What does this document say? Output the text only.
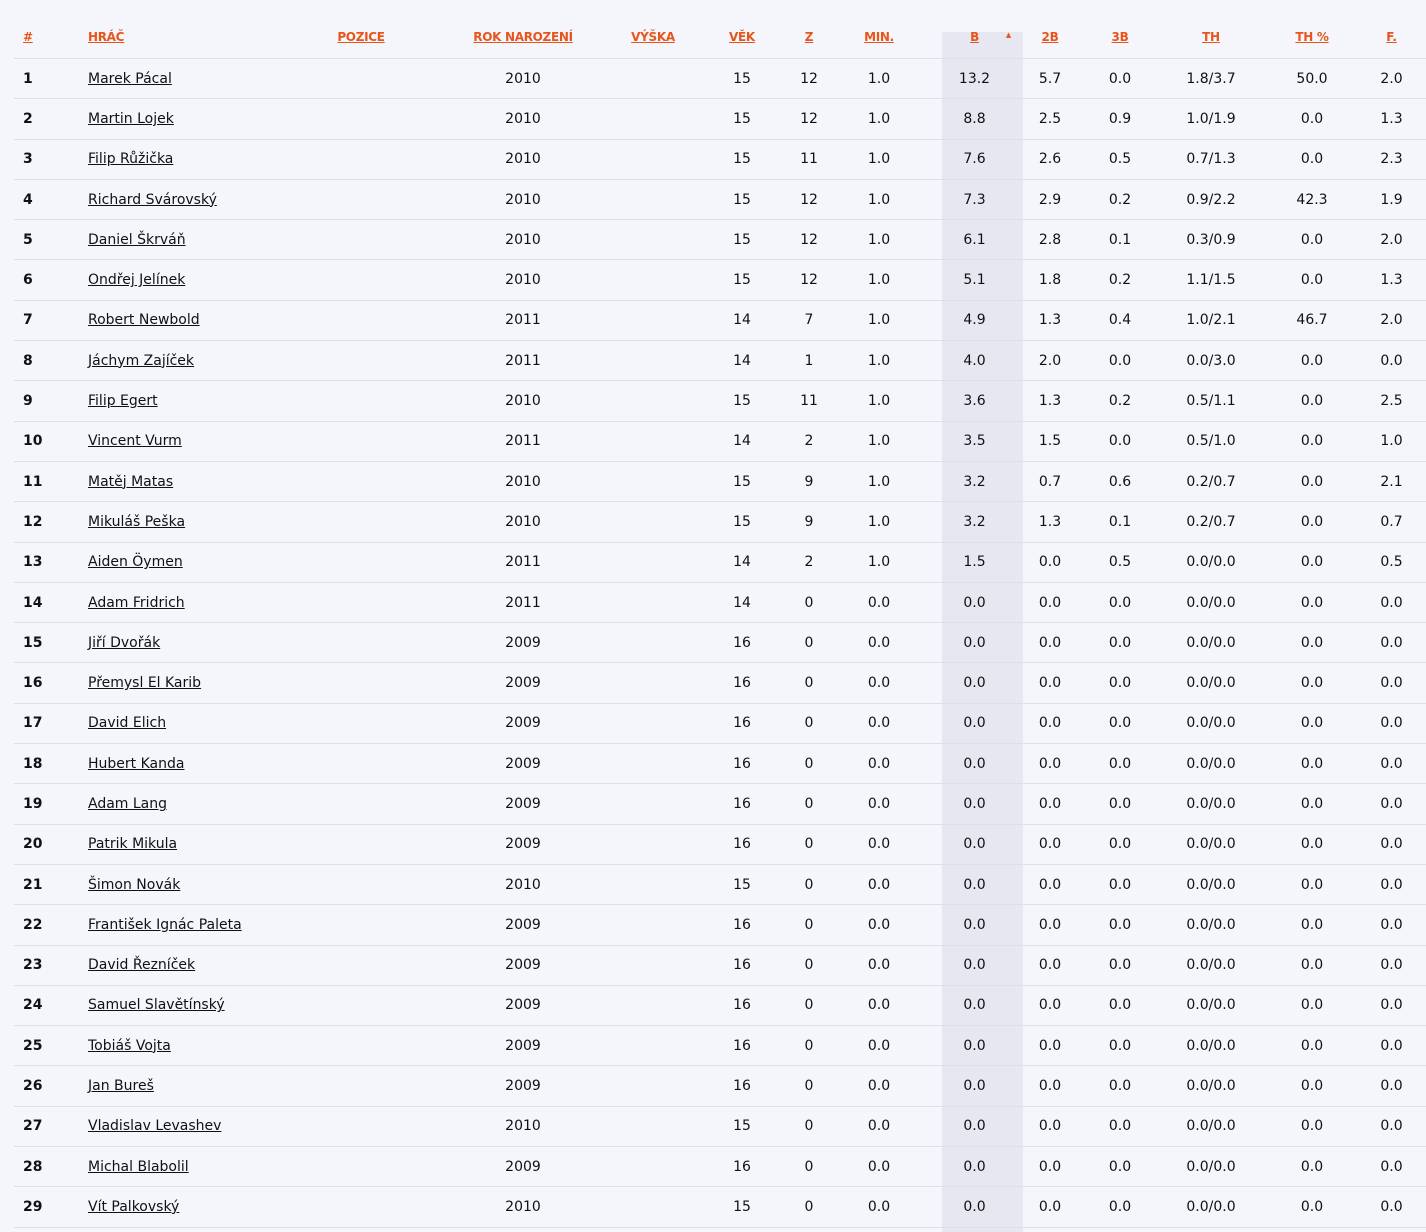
#	HRÁČ	POZICE	ROK NAROZENÍ	VÝŠKA	VĚK	Z	MIN.	B ▲	2B	3B	TH	TH %	F.
1	Marek Pácal		2010		15	12	1.0	13.2	5.7	0.0	1.8/3.7	50.0	2.0
2	Martin Lojek		2010		15	12	1.0	8.8	2.5	0.9	1.0/1.9	0.0	1.3
3	Filip Růžička		2010		15	11	1.0	7.6	2.6	0.5	0.7/1.3	0.0	2.3
4	Richard Svárovský		2010		15	12	1.0	7.3	2.9	0.2	0.9/2.2	42.3	1.9
5	Daniel Škrváň		2010		15	12	1.0	6.1	2.8	0.1	0.3/0.9	0.0	2.0
6	Ondřej Jelínek		2010		15	12	1.0	5.1	1.8	0.2	1.1/1.5	0.0	1.3
7	Robert Newbold		2011		14	7	1.0	4.9	1.3	0.4	1.0/2.1	46.7	2.0
8	Jáchym Zajíček		2011		14	1	1.0	4.0	2.0	0.0	0.0/3.0	0.0	0.0
9	Filip Egert		2010		15	11	1.0	3.6	1.3	0.2	0.5/1.1	0.0	2.5
10	Vincent Vurm		2011		14	2	1.0	3.5	1.5	0.0	0.5/1.0	0.0	1.0
11	Matěj Matas		2010		15	9	1.0	3.2	0.7	0.6	0.2/0.7	0.0	2.1
12	Mikuláš Peška		2010		15	9	1.0	3.2	1.3	0.1	0.2/0.7	0.0	0.7
13	Aiden Öymen		2011		14	2	1.0	1.5	0.0	0.5	0.0/0.0	0.0	0.5
14	Adam Fridrich		2011		14	0	0.0	0.0	0.0	0.0	0.0/0.0	0.0	0.0
15	Jiří Dvořák		2009		16	0	0.0	0.0	0.0	0.0	0.0/0.0	0.0	0.0
16	Přemysl El Karib		2009		16	0	0.0	0.0	0.0	0.0	0.0/0.0	0.0	0.0
17	David Elich		2009		16	0	0.0	0.0	0.0	0.0	0.0/0.0	0.0	0.0
18	Hubert Kanda		2009		16	0	0.0	0.0	0.0	0.0	0.0/0.0	0.0	0.0
19	Adam Lang		2009		16	0	0.0	0.0	0.0	0.0	0.0/0.0	0.0	0.0
20	Patrik Mikula		2009		16	0	0.0	0.0	0.0	0.0	0.0/0.0	0.0	0.0
21	Šimon Novák		2010		15	0	0.0	0.0	0.0	0.0	0.0/0.0	0.0	0.0
22	František Ignác Paleta		2009		16	0	0.0	0.0	0.0	0.0	0.0/0.0	0.0	0.0
23	David Řezníček		2009		16	0	0.0	0.0	0.0	0.0	0.0/0.0	0.0	0.0
24	Samuel Slavětínský		2009		16	0	0.0	0.0	0.0	0.0	0.0/0.0	0.0	0.0
25	Tobiáš Vojta		2009		16	0	0.0	0.0	0.0	0.0	0.0/0.0	0.0	0.0
26	Jan Bureš		2009		16	0	0.0	0.0	0.0	0.0	0.0/0.0	0.0	0.0
27	Vladislav Levashev		2010		15	0	0.0	0.0	0.0	0.0	0.0/0.0	0.0	0.0
28	Michal Blabolil		2009		16	0	0.0	0.0	0.0	0.0	0.0/0.0	0.0	0.0
29	Vít Palkovský		2010		15	0	0.0	0.0	0.0	0.0	0.0/0.0	0.0	0.0
